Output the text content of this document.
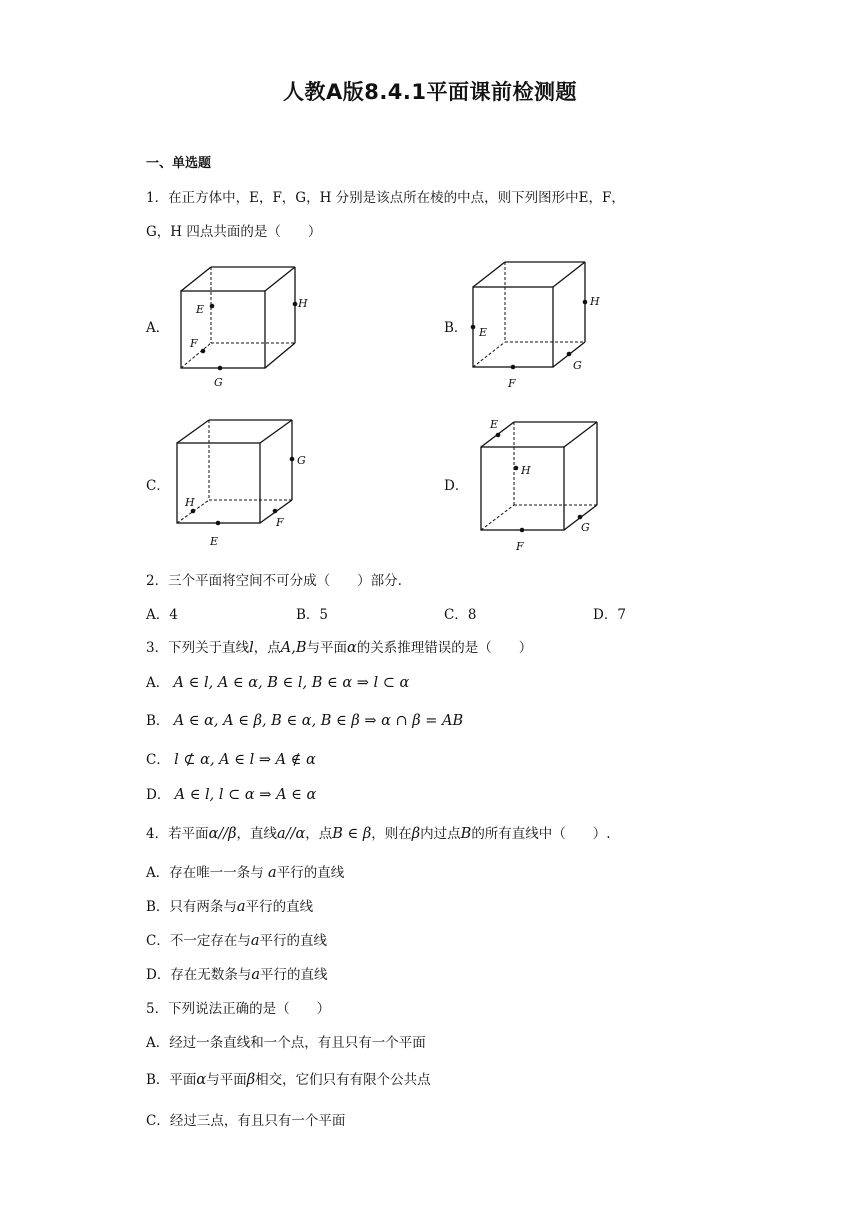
人教A版8.4.1平面课前检测题
一、单选题
1．在正方体中，E，F，G，H 分别是该点所在棱的中点，则下列图形中E，F，
G，H 四点共面的是（　　）
A．
E
F
G
H
B． E
F
G
H
C．
E
F
G
H
D．
E
F
G
H
2．三个平面将空间不可分成（　　）部分.
A．4	B．5	C．8	D．7
3．下列关于直线l，点A,B与平面α的关系推理错误的是（　　）
A． A ∈ l, A ∈ α, B ∈ l, B ∈ α ⇒ l ⊂ α
B． A ∈ α, A ∈ β, B ∈ α, B ∈ β ⇒ α ∩ β = AB
C． l ⊄ α, A ∈ l ⇒ A ∉ α
D． A ∈ l, l ⊂ α ⇒ A ∈ α
4．若平面α//β，直线a//α，点B ∈ β，则在β内过点B的所有直线中（　　）.
A．存在唯一一条与 a平行的直线
B．只有两条与a平行的直线
C．不一定存在与a平行的直线
D．存在无数条与a平行的直线
5．下列说法正确的是（　　）
A．经过一条直线和一个点，有且只有一个平面
B．平面α与平面β相交，它们只有有限个公共点
C．经过三点，有且只有一个平面
